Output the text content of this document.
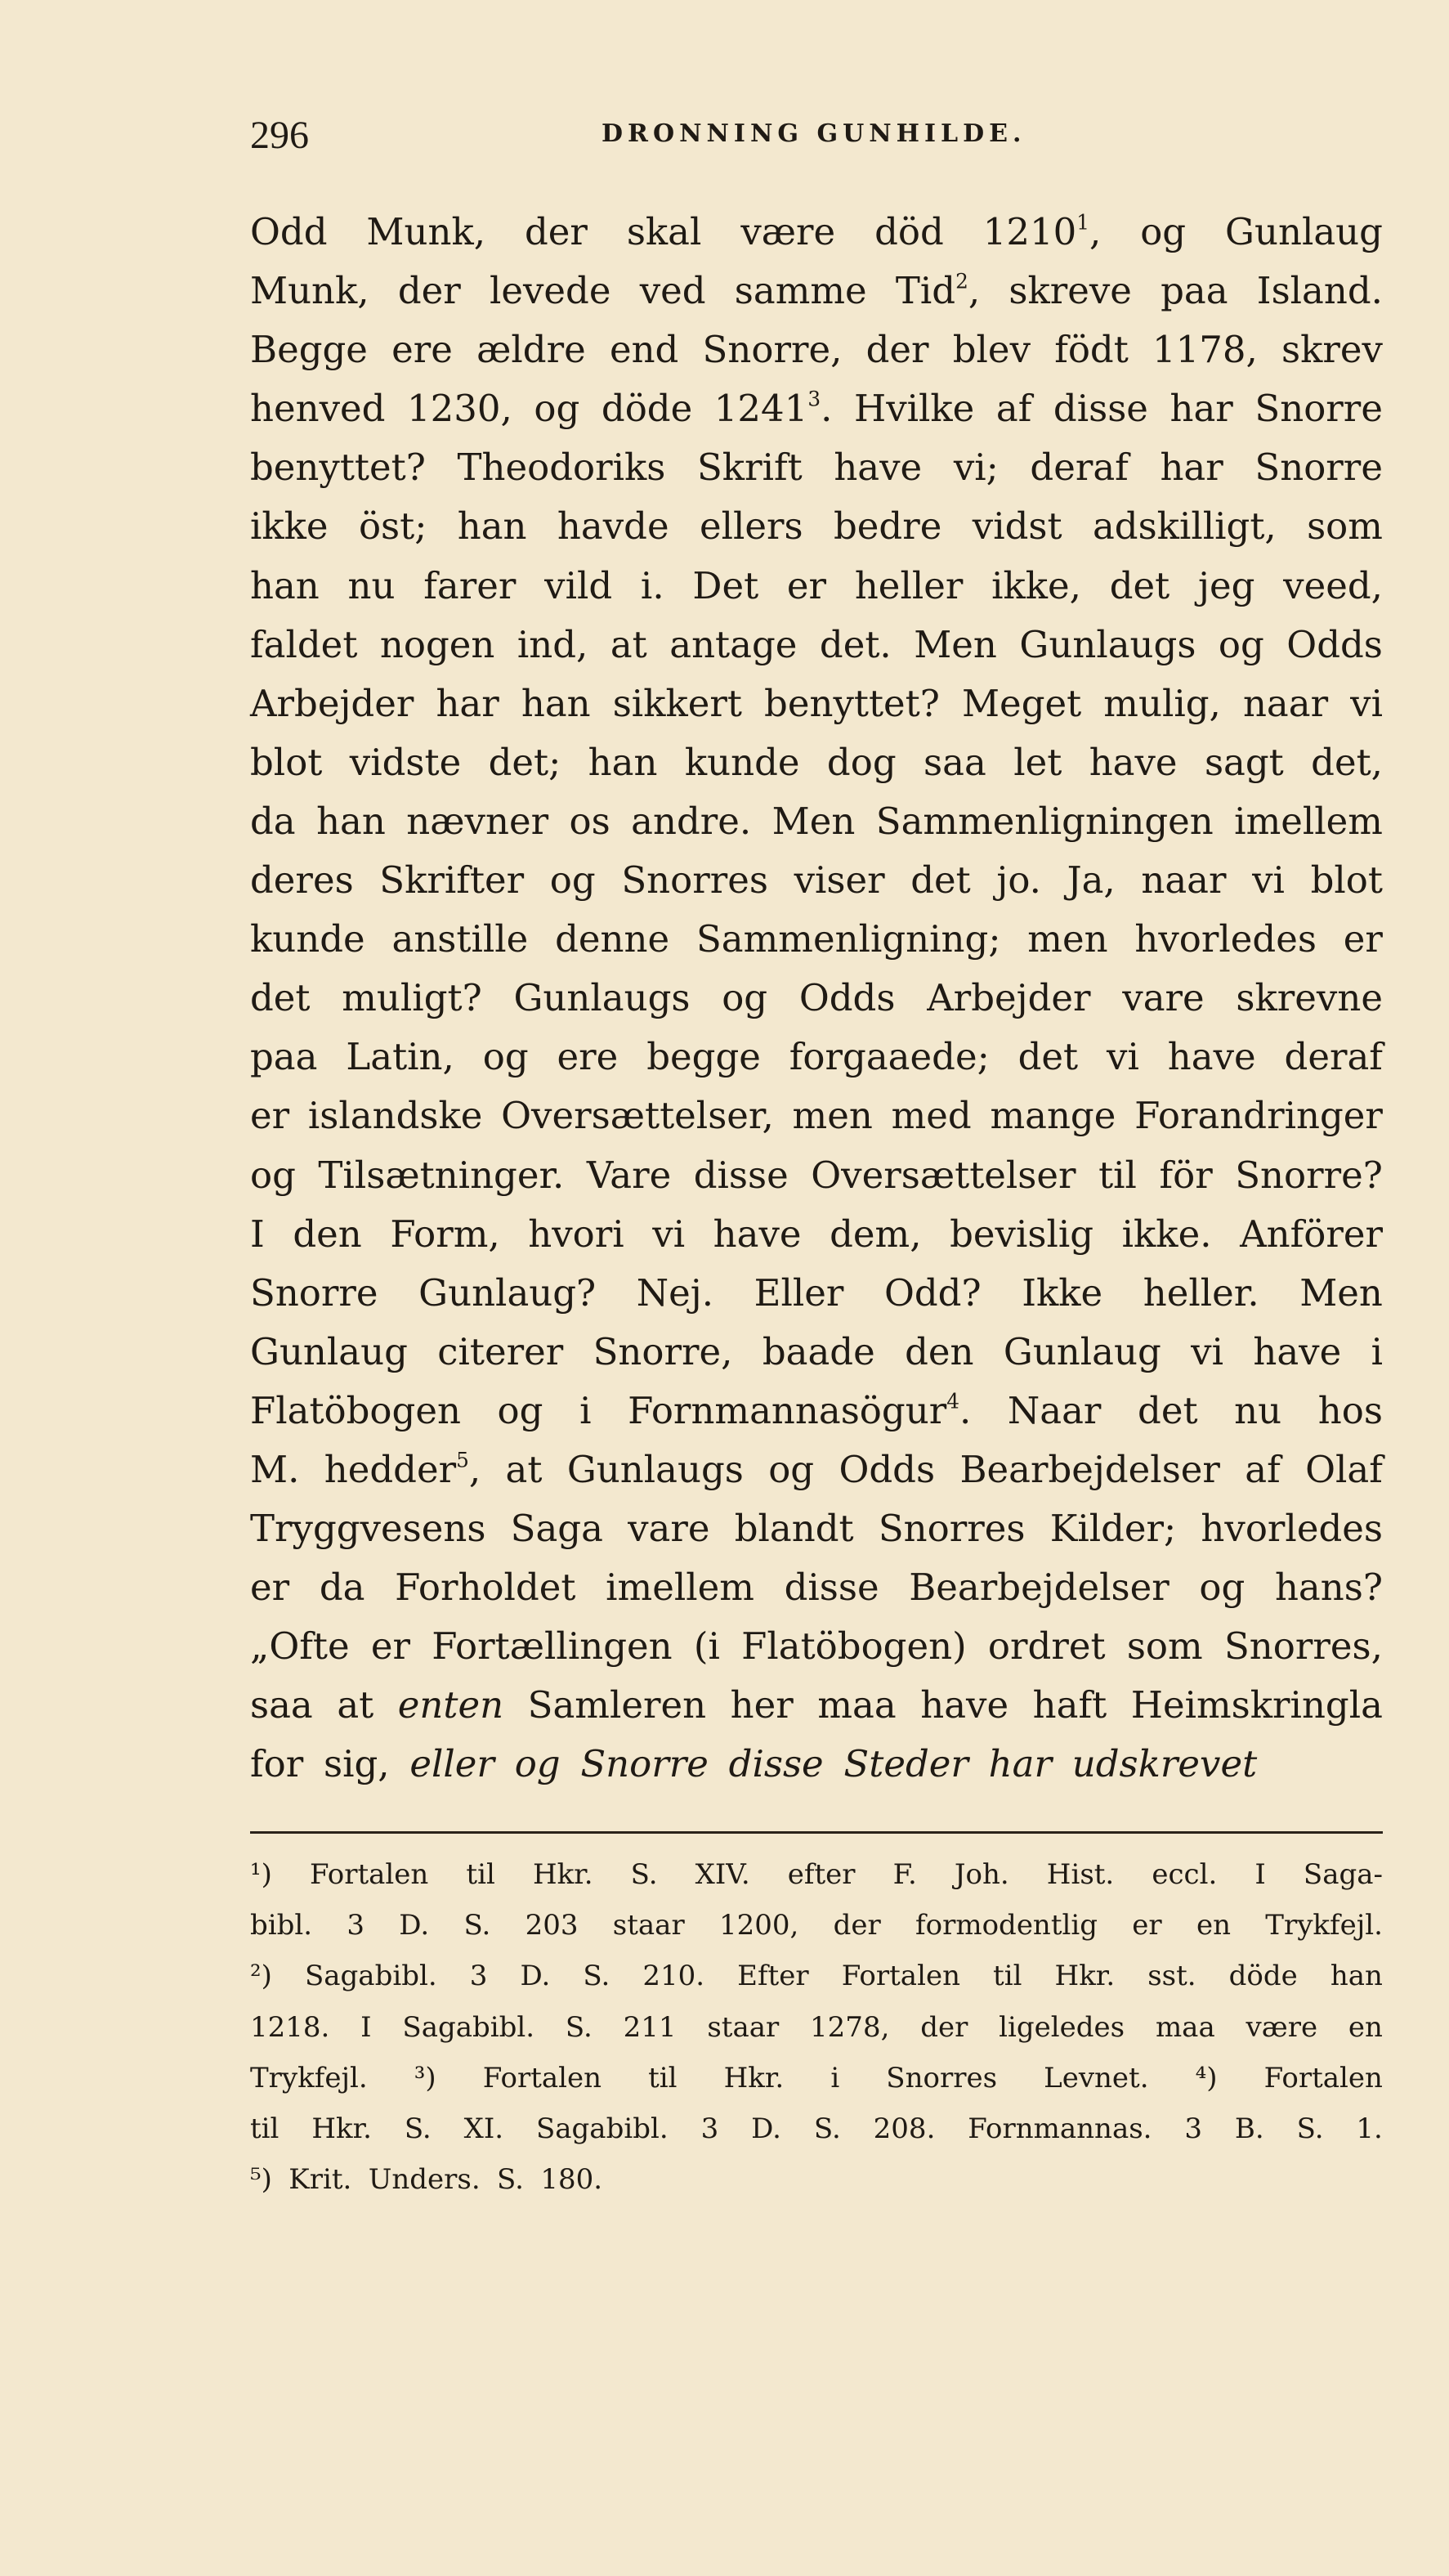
296	DRONNING GUNHILDE.
Odd Munk, der skal være död 1210$^1$, og Gunlaug
Munk, der levede ved samme Tid$^2$, skreve paa Island.
Begge ere ældre end Snorre, der blev födt 1178, skrev
henved 1230, og döde 1241$^3$. Hvilke af disse har Snorre
benyttet? Theodoriks Skrift have vi; deraf har Snorre
ikke öst; han havde ellers bedre vidst adskilligt, som
han nu farer vild i. Det er heller ikke, det jeg veed,
faldet nogen ind, at antage det. Men Gunlaugs og Odds
Arbejder har han sikkert benyttet? Meget mulig, naar vi
blot vidste det; han kunde dog saa let have sagt det,
da han nævner os andre. Men Sammenligningen imellem
deres Skrifter og Snorres viser det jo. Ja, naar vi blot
kunde anstille denne Sammenligning; men hvorledes er
det muligt? Gunlaugs og Odds Arbejder vare skrevne
paa Latin, og ere begge forgaaede; det vi have deraf
er islandske Oversættelser, men med mange Forandringer
og Tilsætninger. Vare disse Oversættelser til för Snorre?
I den Form, hvori vi have dem, bevislig ikke. Anförer
Snorre Gunlaug? Nej. Eller Odd? Ikke heller. Men
Gunlaug citerer Snorre, baade den Gunlaug vi have i
Flatöbogen og i Fornmannasögur$^4$. Naar det nu hos
M. hedder$^5$, at Gunlaugs og Odds Bearbejdelser af Olaf
Tryggvesens Saga vare blandt Snorres Kilder; hvorledes
er da Forholdet imellem disse Bearbejdelser og hans?
„Ofte er Fortællingen (i Flatöbogen) ordret som Snorres,
saa at enten Samleren her maa have haft Heimskringla
for sig, eller og Snorre disse Steder har udskrevet
¹) Fortalen til Hkr. S. XIV. efter F. Joh. Hist. eccl. I Saga-
bibl. 3 D. S. 203 staar 1200, der formodentlig er en Trykfejl.
²) Sagabibl. 3 D. S. 210. Efter Fortalen til Hkr. sst. döde han
1218. I Sagabibl. S. 211 staar 1278, der ligeledes maa være en
Trykfejl. ³) Fortalen til Hkr. i Snorres Levnet. ⁴) Fortalen
til Hkr. S. XI. Sagabibl. 3 D. S. 208. Fornmannas. 3 B. S. 1.
⁵) Krit. Unders. S. 180.
